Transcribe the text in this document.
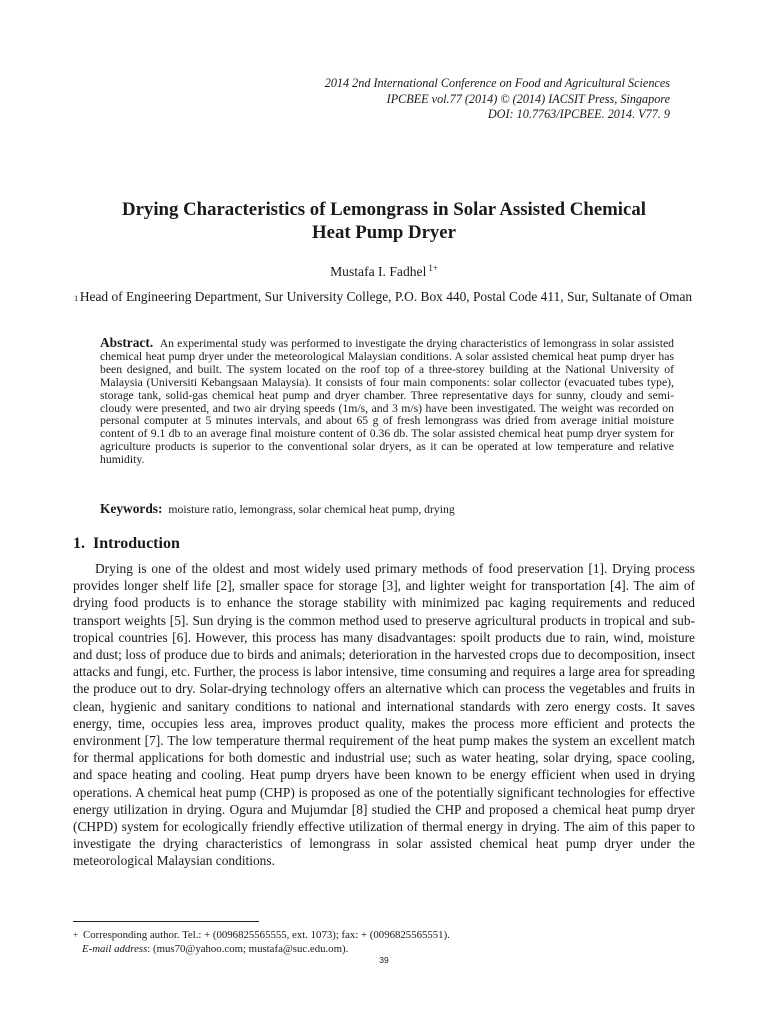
2014 2nd International Conference on Food and Agricultural Sciences
IPCBEE vol.77 (2014) © (2014) IACSIT Press, Singapore
DOI: 10.7763/IPCBEE. 2014. V77. 9
Drying Characteristics of Lemongrass in Solar Assisted Chemical
Heat Pump Dryer
Mustafa I. Fadhel $^{1+}$
1 Head of Engineering Department, Sur University College, P.O. Box 440, Postal Code 411, Sur, Sultanate of Oman
Abstract. An experimental study was performed to investigate the drying characteristics of lemongrass in solar assisted chemical heat pump dryer under the meteorological Malaysian conditions. A solar assisted chemical heat pump dryer has been designed, and built. The system located on the roof top of a three-storey building at the National University of Malaysia (Universiti Kebangsaan Malaysia). It consists of four main components: solar collector (evacuated tubes type), storage tank, solid-gas chemical heat pump and dryer chamber. Three representative days for sunny, cloudy and semi-cloudy were presented, and two air drying speeds (1m/s, and 3 m/s) have been investigated. The weight was recorded on personal computer at 5 minutes intervals, and about 65 g of fresh lemongrass was dried from average initial moisture content of 9.1 db to an average final moisture content of 0.36 db. The solar assisted chemical heat pump dryer system for agriculture products is superior to the conventional solar dryers, as it can be operated at low temperature and relative humidity.
Keywords: moisture ratio, lemongrass, solar chemical heat pump, drying
1. Introduction

Drying is one of the oldest and most widely used primary methods of food preservation [1]. Drying process provides longer shelf life [2], smaller space for storage [3], and lighter weight for transportation [4]. The aim of drying food products is to enhance the storage stability with minimized pac kaging requirements and reduced transport weights [5]. Sun drying is the common method used to preserve agricultural products in tropical and sub-tropical countries [6]. However, this process has many disadvantages: spoilt products due to rain, wind, moisture and dust; loss of produce due to birds and animals; deterioration in the harvested crops due to decomposition, insect attacks and fungi, etc. Further, the process is labor intensive, time consuming and requires a large area for spreading the produce out to dry. Solar-drying technology offers an alternative which can process the vegetables and fruits in clean, hygienic and sanitary conditions to national and international standards with zero energy costs. It saves energy, time, occupies less area, improves product quality, makes the process more efficient and protects the environment [7]. The low temperature thermal requirement of the heat pump makes the system an excellent match for thermal applications for both domestic and industrial use; such as water heating, solar drying, space cooling, and space heating and cooling. Heat pump dryers have been known to be energy efficient when used in drying operations. A chemical heat pump (CHP) is proposed as one of the potentially significant technologies for effective energy utilization in drying. Ogura and Mujumdar [8] studied the CHP and proposed a chemical heat pump dryer (CHPD) system for ecologically friendly effective utilization of thermal energy in drying. The aim of this paper to investigate the drying characteristics of lemongrass in solar assisted chemical heat pump dryer under the meteorological Malaysian conditions.

+ Corresponding author. Tel.: + (0096825565555, ext. 1073); fax: + (0096825565551).
E-mail address: (mus70@yahoo.com; mustafa@suc.edu.om).
39
